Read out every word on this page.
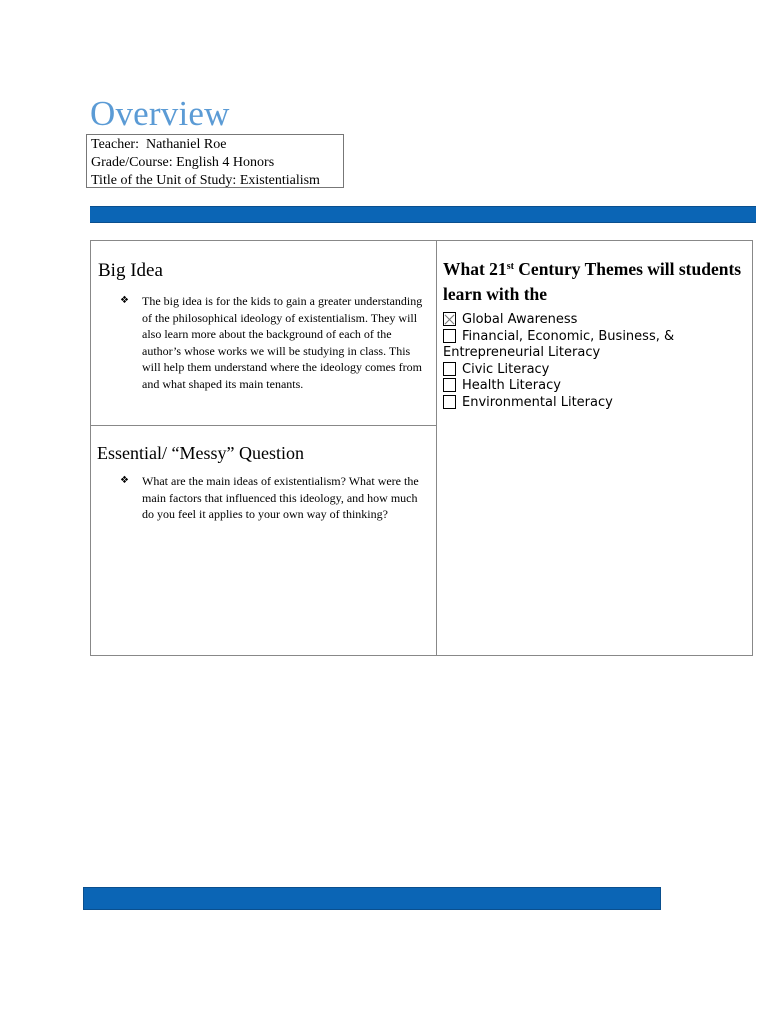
Overview
Teacher: Nathaniel Roe
Grade/Course: English 4 Honors
Title of the Unit of Study: Existentialism
Big Idea
❖	The big idea is for the kids to gain a greater understanding of the philosophical ideology of existentialism. They will also learn more about the background of each of the author’s whose works we will be studying in class. This will help them understand where the ideology comes from and what shaped its main tenants.
Essential/ “Messy” Question
❖	What are the main ideas of existentialism? What were the main factors that influenced this ideology, and how much do you feel it applies to your own way of thinking?
What 21st Century Themes will students learn with the
Global Awareness
Financial, Economic, Business, & Entrepreneurial Literacy
Civic Literacy
Health Literacy
Environmental Literacy
